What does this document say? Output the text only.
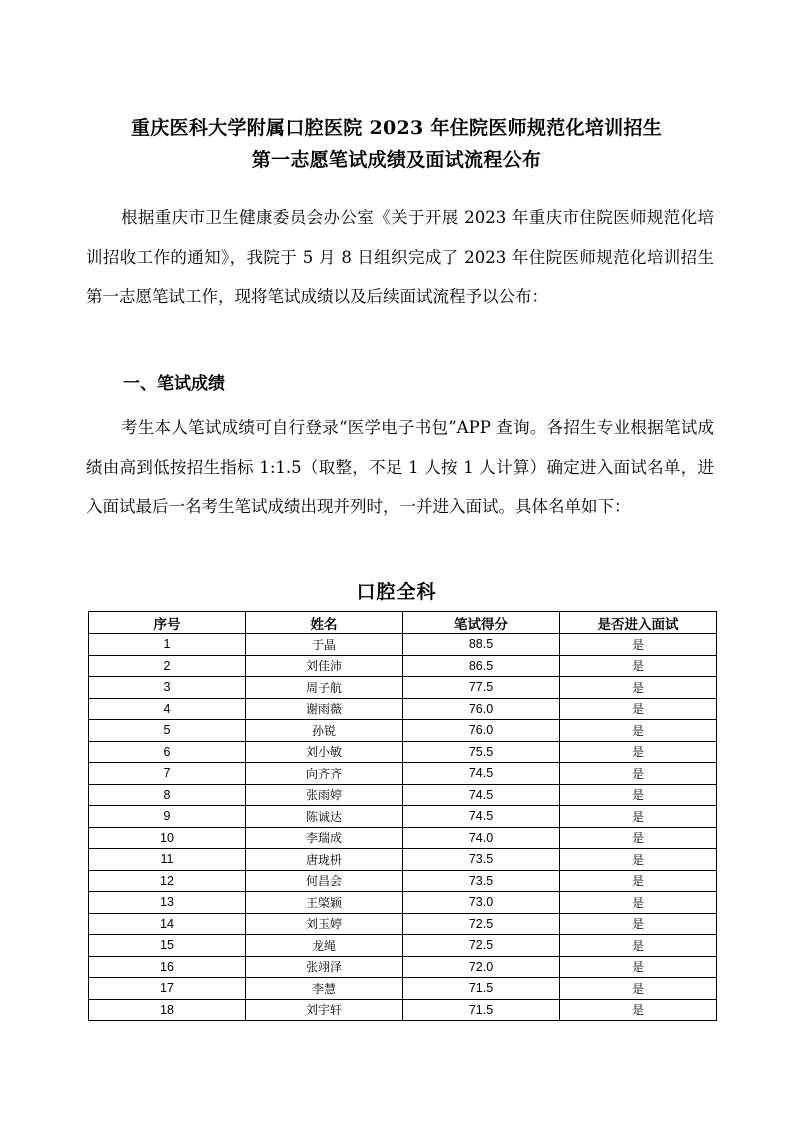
重庆医科大学附属口腔医院 2023 年住院医师规范化培训招生
第一志愿笔试成绩及面试流程公布
根据重庆市卫生健康委员会办公室《关于开展 2023 年重庆市住院医师规范化培训招收工作的通知》，我院于 5 月 8 日组织完成了 2023 年住院医师规范化培训招生第一志愿笔试工作，现将笔试成绩以及后续面试流程予以公布：
一、笔试成绩
考生本人笔试成绩可自行登录“医学电子书包”APP 查询。各招生专业根据笔试成绩由高到低按招生指标 1:1.5（取整，不足 1 人按 1 人计算）确定进入面试名单，进入面试最后一名考生笔试成绩出现并列时，一并进入面试。具体名单如下：
口腔全科
序号	姓名	笔试得分	是否进入面试
1	于晶	88.5	是
2	刘佳沛	86.5	是
3	周子航	77.5	是
4	谢雨薇	76.0	是
5	孙锐	76.0	是
6	刘小敏	75.5	是
7	向齐齐	74.5	是
8	张雨婷	74.5	是
9	陈诚达	74.5	是
10	李瑞成	74.0	是
11	唐珑枡	73.5	是
12	何昌会	73.5	是
13	王棨颖	73.0	是
14	刘玉婷	72.5	是
15	龙绳	72.5	是
16	张翊泽	72.0	是
17	李慧	71.5	是
18	刘宇轩	71.5	是
